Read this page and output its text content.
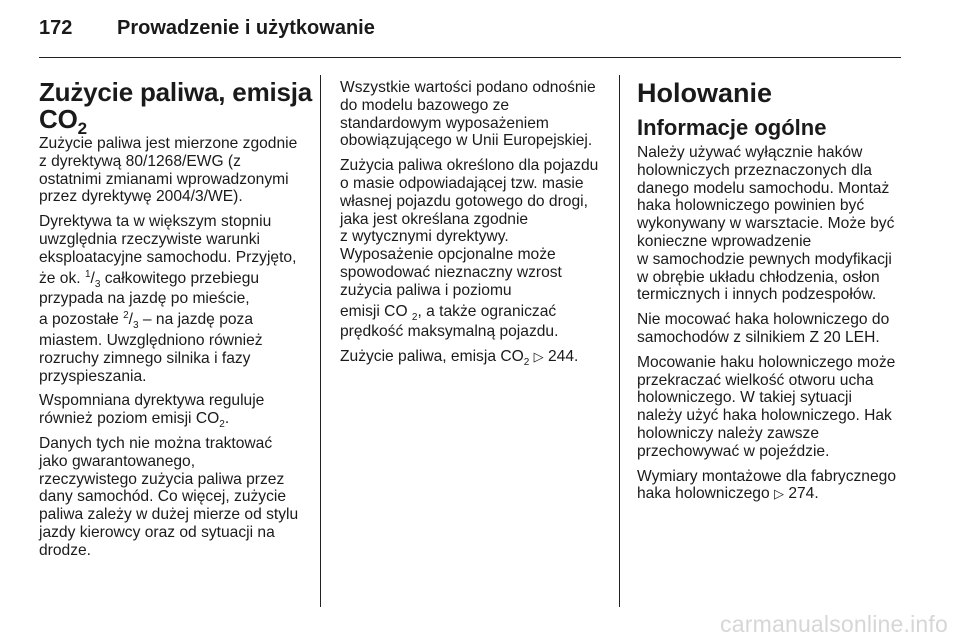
172 Prowadzenie i użytkowanie
Zużycie paliwa, emisja
$CO_2$

Zużycie paliwa jest mierzone zgodnie
z dyrektywą 80/1268/EWG (z
ostatnimi zmianami wprowadzonymi
przez dyrektywę 2004/3/WE).

Dyrektywa ta w większym stopniu
uwzględnia rzeczywiste warunki
eksploatacyjne samochodu. Przyjęto,
że ok. $^1/_3$ całkowitego przebiegu
przypada na jazdę po mieście,
a pozostałe $^2/_3$ – na jazdę poza
miastem. Uwzględniono również
rozruchy zimnego silnika i fazy
przyspieszania.

Wspomniana dyrektywa reguluje
również poziom emisji $CO_2$.

Danych tych nie można traktować
jako gwarantowanego,
rzeczywistego zużycia paliwa przez
dany samochód. Co więcej, zużycie
paliwa zależy w dużej mierze od stylu
jazdy kierowcy oraz od sytuacji na
drodze.

Wszystkie wartości podano odnośnie
do modelu bazowego ze
standardowym wyposażeniem
obowiązującego w Unii Europejskiej.

Zużycia paliwa określono dla pojazdu
o masie odpowiadającej tzw. masie
własnej pojazdu gotowego do drogi,
jaka jest określana zgodnie
z wytycznymi dyrektywy.
Wyposażenie opcjonalne może
spowodować nieznaczny wzrost
zużycia paliwa i poziomu
emisji CO $_2$, a także ograniczać
prędkość maksymalną pojazdu.

Zużycie paliwa, emisja $CO_2$ ▷ 244.

Holowanie
Informacje ogólne

Należy używać wyłącznie haków
holowniczych przeznaczonych dla
danego modelu samochodu. Montaż
haka holowniczego powinien być
wykonywany w warsztacie. Może być
konieczne wprowadzenie
w samochodzie pewnych modyfikacji
w obrębie układu chłodzenia, osłon
termicznych i innych podzespołów.

Nie mocować haka holowniczego do
samochodów z silnikiem Z 20 LEH.

Mocowanie haku holowniczego może
przekraczać wielkość otworu ucha
holowniczego. W takiej sytuacji
należy użyć haka holowniczego. Hak
holowniczy należy zawsze
przechowywać w pojeździe.

Wymiary montażowe dla fabrycznego
haka holowniczego ▷ 274.

carmanualsonline.info
